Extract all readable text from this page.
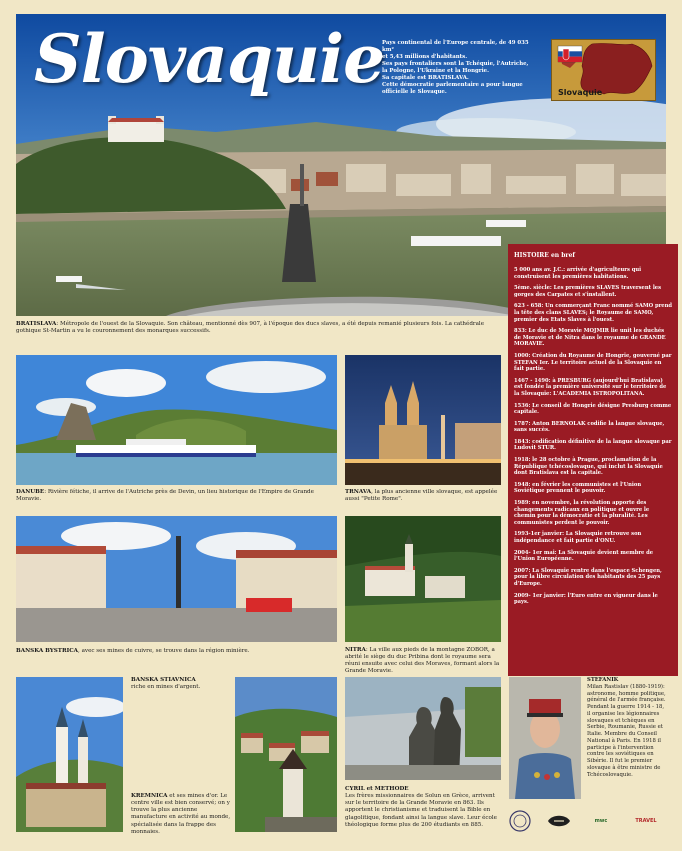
Slovaquie
Pays continental de l'Europe centrale, de 49 035 km²
et 5,43 millions d'habitants.
Ses pays frontaliers sont la Tchéquie, l'Autriche,
la Pologne, l'Ukraine et la Hongrie.
Sa capitale est BRATISLAVA.
Cette démocratie parlementaire a pour langue
officielle le Slovaque.	Slovaquie
HISTOIRE en bref
5 000 ans av. J.C.: arrivée d'agriculteurs qui construisent les premières habitations.
5ème. siècle: Les premières SLAVES traversent les gorges des Carpates et s'installent.
623 - 658: Un commerçant Franc nommé SAMO prend la tête des clans SLAVES; le Royaume de SAMO, premier des Etats Slaves à l'ouest.
833: Le duc de Moravie MOJMIR lie unit les duchés de Moravie et de Nitra dans le royaume de GRANDE MORAVIE.
1000: Création du Royaume de Hongrie, gouverné par STEFAN Ier. Le territoire actuel de la Slovaquie en fait partie.
1467 - 1490: à PRESBURG (aujourd'hui Bratislava) est fondée la première université sur le territoire de la Slovaquie: L'ACADEMIA ISTROPOLITANA.
1536: Le conseil de Hongrie désigne Presburg comme capitale.
1787: Anton BERNOLAK codifie la langue slovaque, sans succès.
1843: codification définitive de la langue slovaque par Ludovit STUR.
1918: le 28 octobre à Prague, proclamation de la République tchécoslovaque, qui inclut la Slovaquie dont Bratislava est la capitale.
1948: en février les communistes et l'Union Soviétique prennent le pouvoir.
1989: en novembre, la révolution apporte des changements radicaux en politique et ouvre le chemin pour la démocratie et la pluralité. Les communistes perdent le pouvoir.
1993-1er janvier: La Slovaquie retrouve son indépendance et fait partie d'ONU.
2004- 1er mai: La Slovaquie devient membre de l'Union Européenne.
2007: La Slovaquie rentre dans l'espace Schengen, pour la libre circulation des habitants des 25 pays d'Europe.
2009- 1er janvier: l'Euro entre en vigueur dans le pays.
BRATISLAVA: Métropole de l'ouest de la Slovaquie. Son château, mentionné dès 907, à l'époque des ducs slaves, a été depuis remanié plusieurs fois. La cathédrale gothique St-Martin a vu le couronnement des monarques successifs.
DANUBE: Rivière fétiche, il arrive de l'Autriche près de Devin, un lieu historique de l'Empire de Grande Moravie.
TRNAVA, la plus ancienne ville slovaque, est appelée aussi "Petite Rome".
BANSKA BYSTRICA, avec ses mines de cuivre, se trouve dans la région minière.	NITRA: La ville aux pieds de la montagne ZOBOR, a abrité le siège du duc Pribina dont le royaume sera réuni ensuite avec celui des Moraves, formant alors la Grande Moravie.
BANSKA STIAVNICA
riche en mines d'argent.
KREMNICA et ses mines d'or. Le centre ville est bien conservé; on y trouve la plus ancienne manufacture en activité au monde, spécialisée dans la frappe des monnaies.
CYRIL et METHODE
Les frères missionnaires de Solun en Grèce, arrivent sur le territoire de la Grande Moravie en 863. Ils apportent le christianisme et traduisent la Bible en glagolitique, fondant ainsi la langue slave. Leur école théologique forme plus de 200 étudiants en 885.
STEFANIK
Milan Rastislav (1880-1919): astronome, homme politique, général de l'armée française. Pendant la guerre 1914 - 18, il organise les légionnaires slovaques et tchèques en Serbie, Roumanie, Russie et Italie. Membre du Conseil National à Paris. En 1918 il participe à l'intervention contre les soviétiques en Sibérie. Il fut le premier slovaque à être ministre de Tchécoslovaquie.
mwc	TRAVEL
